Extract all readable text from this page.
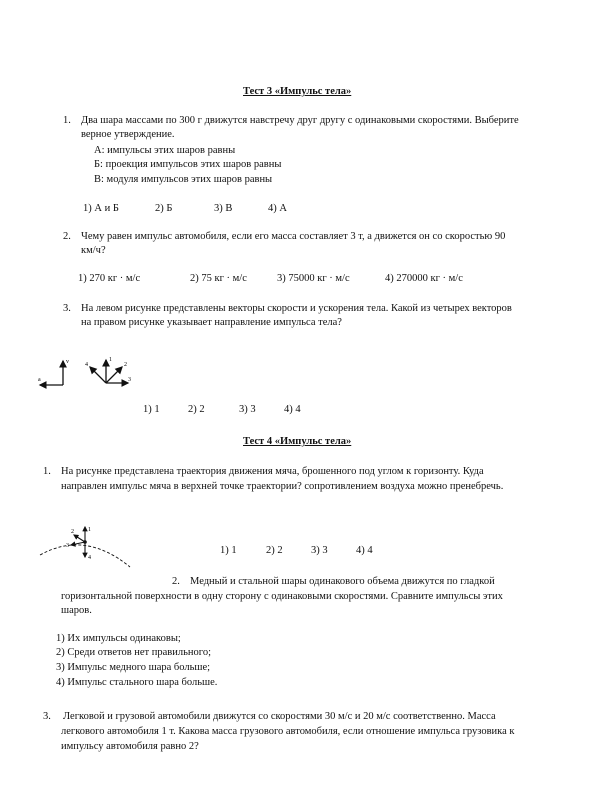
Тест 3 «Импульс тела»
1. Два шара массами по 300 г движутся навстречу друг другу с одинаковыми скоростями. Выберите
верное утверждение.
А: импульсы этих шаров равны
Б: проекция импульсов этих шаров равны
В: модуля импульсов этих шаров равны
1) А и Б	2) Б	3) В	4) А
2. Чему равен импульс автомобиля, если его масса составляет 3 т, а движется он со скоростью 90
км/ч?
1) 270 кг · м/с	2) 75 кг · м/с	3) 75000 кг · м/с	4) 270000 кг · м/с
3. На левом рисунке представлены векторы скорости и ускорения тела. Какой из четырех векторов
на правом рисунке указывает направление импульса тела?
a
v	1
2
3
4
1) 1	2) 2	3) 3	4) 4
Тест 4 «Импульс тела»
1. На рисунке представлена траектория движения мяча, брошенного под углом к горизонту. Куда
направлен импульс мяча в верхней точке траектории? сопротивлением воздуха можно пренебречь.
1
2
3
4
1) 1	2) 2	3) 3	4) 4
2. Медный и стальной шары одинакового объема движутся по гладкой
горизонтальной поверхности в одну сторону с одинаковыми скоростями. Сравните импульсы этих
шаров.
1) Их импульсы одинаковы;
2) Среди ответов нет правильного;
3) Импульс медного шара больше;
4) Импульс стального шара больше.
3. Легковой и грузовой автомобили движутся со скоростями 30 м/с и 20 м/с соответственно. Масса
легкового автомобиля 1 т. Какова масса грузового автомобиля, если отношение импульса грузовика к
импульсу автомобиля равно 2?
